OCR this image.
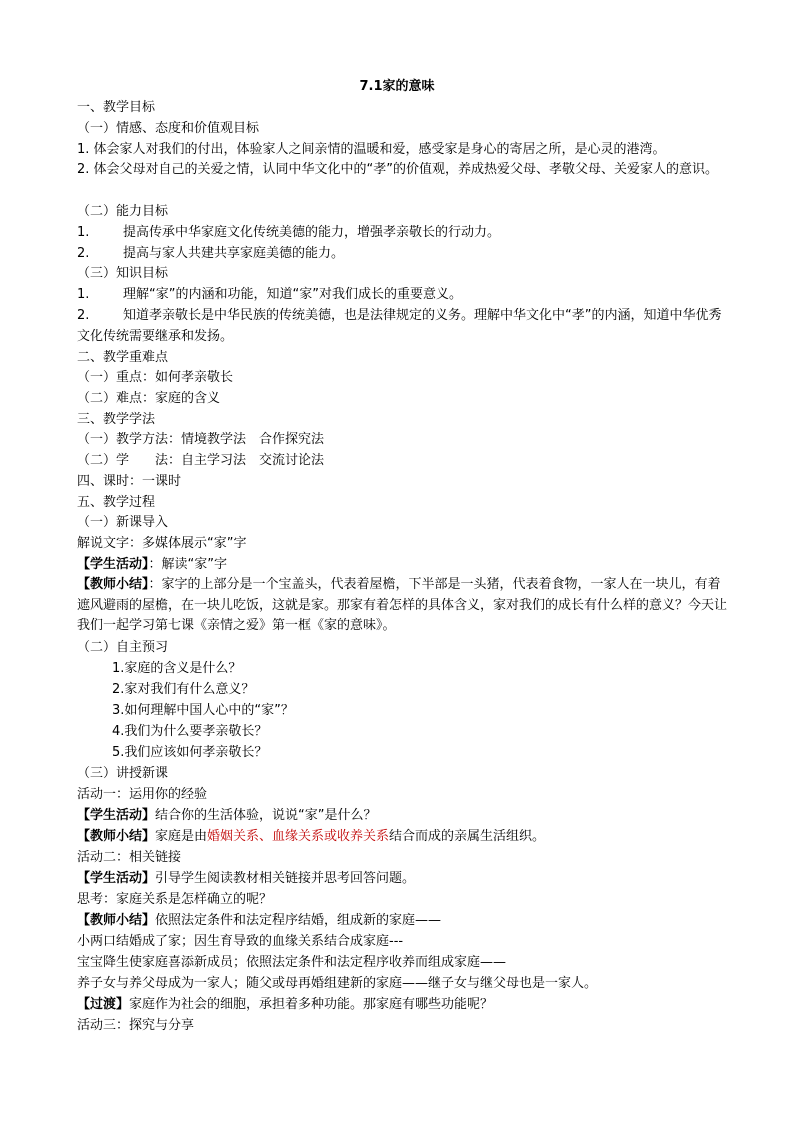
7.1家的意味
一、教学目标
（一）情感、态度和价值观目标
1. 体会家人对我们的付出，体验家人之间亲情的温暖和爱，感受家是身心的寄居之所，是心灵的港湾。
2. 体会父母对自己的关爱之情，认同中华文化中的“孝”的价值观，养成热爱父母、孝敬父母、关爱家人的意识。
（二）能力目标
1.	提高传承中华家庭文化传统美德的能力，增强孝亲敬长的行动力。
2.	提高与家人共建共享家庭美德的能力。
（三）知识目标
1.	理解“家”的内涵和功能，知道“家”对我们成长的重要意义。
2.	知道孝亲敬长是中华民族的传统美德，也是法律规定的义务。理解中华文化中“孝”的内涵，知道中华优秀文化传统需要继承和发扬。
二、教学重难点
（一）重点：如何孝亲敬长
（二）难点：家庭的含义
三、教学学法
（一）教学方法：情境教学法　合作探究法
（二）学　　法：自主学习法　交流讨论法
四、课时：一课时
五、教学过程
（一）新课导入
解说文字：多媒体展示“家”字
【学生活动】：解读“家”字
【教师小结】：家字的上部分是一个宝盖头，代表着屋檐，下半部是一头猪，代表着食物，一家人在一块儿，有着遮风避雨的屋檐，在一块儿吃饭，这就是家。那家有着怎样的具体含义，家对我们的成长有什么样的意义？今天让我们一起学习第七课《亲情之爱》第一框《家的意味》。
（二）自主预习
1.家庭的含义是什么？
2.家对我们有什么意义？
3.如何理解中国人心中的“家”？
4.我们为什么要孝亲敬长？
5.我们应该如何孝亲敬长？
（三）讲授新课
活动一：运用你的经验
【学生活动】结合你的生活体验，说说“家”是什么？
【教师小结】家庭是由婚姻关系、血缘关系或收养关系结合而成的亲属生活组织。
活动二：相关链接
【学生活动】引导学生阅读教材相关链接并思考回答问题。
思考：家庭关系是怎样确立的呢？
【教师小结】依照法定条件和法定程序结婚，组成新的家庭——
小两口结婚成了家；因生育导致的血缘关系结合成家庭---
宝宝降生使家庭喜添新成员；依照法定条件和法定程序收养而组成家庭——
养子女与养父母成为一家人；随父或母再婚组建新的家庭——继子女与继父母也是一家人。
【过渡】家庭作为社会的细胞，承担着多种功能。那家庭有哪些功能呢？
活动三：探究与分享
